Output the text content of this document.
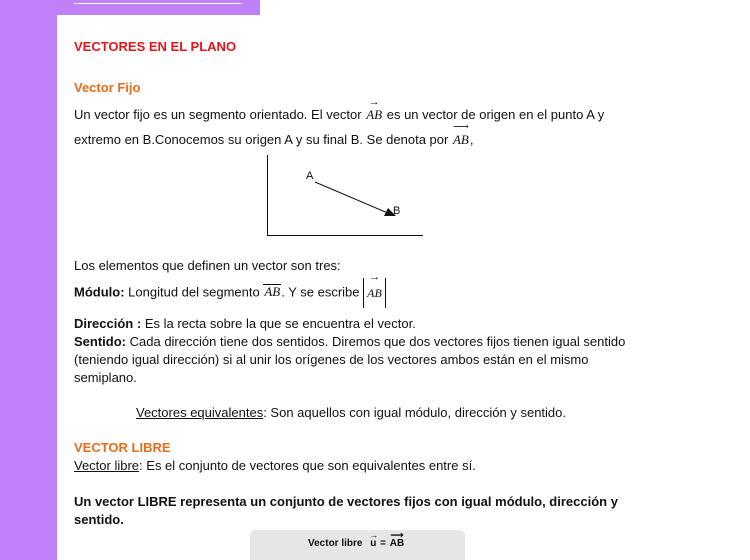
VECTORES EN EL PLANO
Vector Fijo
Un vector fijo es un segmento orientado. El vector
→
AB es un vector de origen en el punto A y
extremo en B.Conocemos su origen A y su final B. Se denota por
⟶
AB,
A
B
Los elementos que definen un vector son tres:
Módulo: Longitud del segmento AB. Y se escribe
→
AB
Dirección : Es la recta sobre la que se encuentra el vector.
Sentido: Cada dirección tiene dos sentidos. Diremos que dos vectores fijos tienen igual sentido
(teniendo igual dirección) si al unir los orígenes de los vectores ambos están en el mismo
semiplano.
Vectores equivalentes: Son aquellos con igual módulo, dirección y sentido.
VECTOR LIBRE
Vector libre: Es el conjunto de vectores que son equivalentes entre sí.
Un vector LIBRE representa un conjunto de vectores fijos con igual módulo, dirección y
sentido.
Vector libre
→
u =
⟶
AB
